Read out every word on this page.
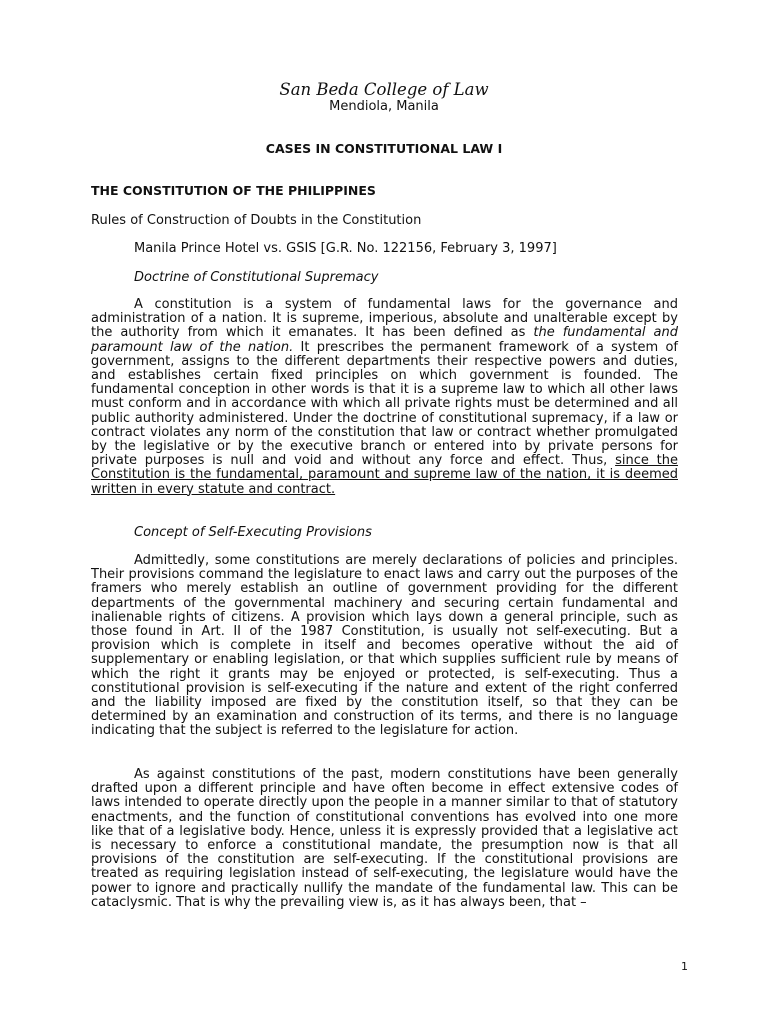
San Beda College of Law
Mendiola, Manila
CASES IN CONSTITUTIONAL LAW I
THE CONSTITUTION OF THE PHILIPPINES
Rules of Construction of Doubts in the Constitution
Manila Prince Hotel vs. GSIS [G.R. No. 122156, February 3, 1997]
Doctrine of Constitutional Supremacy

A constitution is a system of fundamental laws for the governance and administration of a nation. It is supreme, imperious, absolute and unalterable except by the authority from which it emanates. It has been defined as the fundamental and paramount law of the nation. It prescribes the permanent framework of a system of government, assigns to the different departments their respective powers and duties, and establishes certain fixed principles on which government is founded. The fundamental conception in other words is that it is a supreme law to which all other laws must conform and in accordance with which all private rights must be determined and all public authority administered. Under the doctrine of constitutional supremacy, if a law or contract violates any norm of the constitution that law or contract whether promulgated by the legislative or by the executive branch or entered into by private persons for private purposes is null and void and without any force and effect. Thus, since the Constitution is the fundamental, paramount and supreme law of the nation, it is deemed written in every statute and contract.

Concept of Self-Executing Provisions

Admittedly, some constitutions are merely declarations of policies and principles. Their provisions command the legislature to enact laws and carry out the purposes of the framers who merely establish an outline of government providing for the different departments of the governmental machinery and securing certain fundamental and inalienable rights of citizens. A provision which lays down a general principle, such as those found in Art. II of the 1987 Constitution, is usually not self-executing. But a provision which is complete in itself and becomes operative without the aid of supplementary or enabling legislation, or that which supplies sufficient rule by means of which the right it grants may be enjoyed or protected, is self-executing. Thus a constitutional provision is self-executing if the nature and extent of the right conferred and the liability imposed are fixed by the constitution itself, so that they can be determined by an examination and construction of its terms, and there is no language indicating that the subject is referred to the legislature for action.

As against constitutions of the past, modern constitutions have been generally drafted upon a different principle and have often become in effect extensive codes of laws intended to operate directly upon the people in a manner similar to that of statutory enactments, and the function of constitutional conventions has evolved into one more like that of a legislative body. Hence, unless it is expressly provided that a legislative act is necessary to enforce a constitutional mandate, the presumption now is that all provisions of the constitution are self-executing. If the constitutional provisions are treated as requiring legislation instead of self-executing, the legislature would have the power to ignore and practically nullify the mandate of the fundamental law. This can be cataclysmic. That is why the prevailing view is, as it has always been, that –

1
